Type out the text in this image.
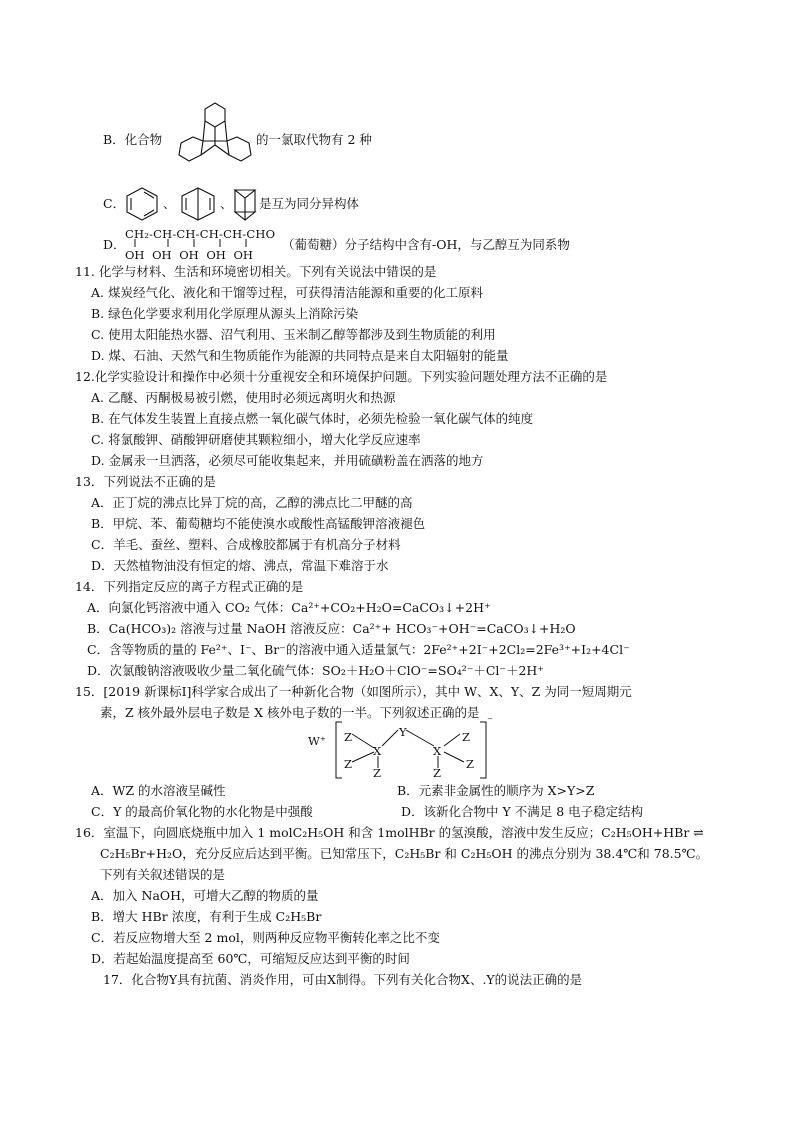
B．化合物	的一氯取代物有 2 种
C．	、	、 是互为同分异构体
D．
CH₂-CH-CH-CH-CH-CHO
OH OH OH OH OH
（葡萄糖）分子结构中含有-OH，与乙醇互为同系物
11. 化学与材料、生活和环境密切相关。下列有关说法中错误的是
A. 煤炭经气化、液化和干馏等过程，可获得清洁能源和重要的化工原料
B. 绿色化学要求利用化学原理从源头上消除污染
C. 使用太阳能热水器、沼气利用、玉米制乙醇等都涉及到生物质能的利用
D. 煤、石油、天然气和生物质能作为能源的共同特点是来自太阳辐射的能量
12.化学实验设计和操作中必须十分重视安全和环境保护问题。下列实验问题处理方法不正确的是
A. 乙醚、丙酮极易被引燃，使用时必须远离明火和热源
B. 在气体发生装置上直接点燃一氧化碳气体时，必须先检验一氧化碳气体的纯度
C. 将氯酸钾、硝酸钾研磨使其颗粒细小，增大化学反应速率
D. 金属汞一旦洒落，必须尽可能收集起来，并用硫磺粉盖在洒落的地方
13．下列说法不正确的是
A．正丁烷的沸点比异丁烷的高，乙醇的沸点比二甲醚的高
B．甲烷、苯、葡萄糖均不能使溴水或酸性高锰酸钾溶液褪色
C．羊毛、蚕丝、塑料、合成橡胶都属于有机高分子材料
D．天然植物油没有恒定的熔、沸点，常温下难溶于水
14．下列指定反应的离子方程式正确的是
A．向氯化钙溶液中通入 CO₂ 气体：Ca²⁺+CO₂+H₂O=CaCO₃↓+2H⁺
B．Ca(HCO₃)₂ 溶液与过量 NaOH 溶液反应：Ca²⁺+ HCO₃⁻+OH⁻=CaCO₃↓+H₂O
C．含等物质的量的 Fe²⁺、I⁻、Br⁻的溶液中通入适量氯气：2Fe²⁺+2I⁻+2Cl₂=2Fe³⁺+I₂+4Cl⁻
D．次氯酸钠溶液吸收少量二氧化硫气体：SO₂＋H₂O＋ClO⁻=SO₄²⁻＋Cl⁻＋2H⁺
15．[2019 新课标Ⅰ]科学家合成出了一种新化合物（如图所示），其中 W、X、Y、Z 为同一短周期元
素，Z 核外最外层电子数是 X 核外电子数的一半。下列叙述正确的是
W⁺ Z
Z
X
Z
Y
X
Z
Z
Z
⁻
A．WZ 的水溶液呈碱性	B．元素非金属性的顺序为 X>Y>Z
C．Y 的最高价氧化物的水化物是中强酸	D．该新化合物中 Y 不满足 8 电子稳定结构
16．室温下，向圆底烧瓶中加入 1 molC₂H₅OH 和含 1molHBr 的氢溴酸，溶液中发生反应；C₂H₅OH+HBr ⇌
C₂H₅Br+H₂O，充分反应后达到平衡。已知常压下，C₂H₅Br 和 C₂H₅OH 的沸点分别为 38.4℃和 78.5℃。
下列有关叙述错误的是
A．加入 NaOH，可增大乙醇的物质的量
B．增大 HBr 浓度，有利于生成 C₂H₅Br
C．若反应物增大至 2 mol，则两种反应物平衡转化率之比不变
D．若起始温度提高至 60℃，可缩短反应达到平衡的时间
17．化合物Y具有抗菌、消炎作用，可由X制得。下列有关化合物X、.Y的说法正确的是
